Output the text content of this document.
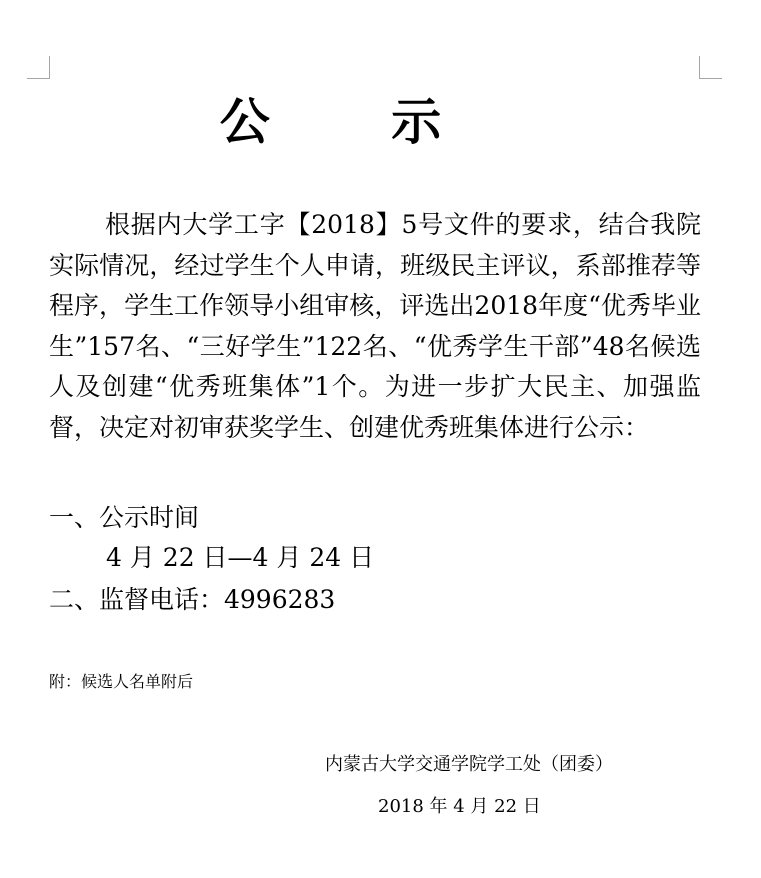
公 示
根据内大学工字【2018】5号文件的要求，结合我院实际情况，经过学生个人申请，班级民主评议，系部推荐等程序，学生工作领导小组审核，评选出2018年度“优秀毕业生”157名、“三好学生”122名、“优秀学生干部”48名候选人及创建“优秀班集体”1个。为进一步扩大民主、加强监督，决定对初审获奖学生、创建优秀班集体进行公示：
一、公示时间
4 月 22 日—4 月 24 日
二、监督电话：4996283
附：候选人名单附后
内蒙古大学交通学院学工处（团委）
2018 年 4 月 22 日
